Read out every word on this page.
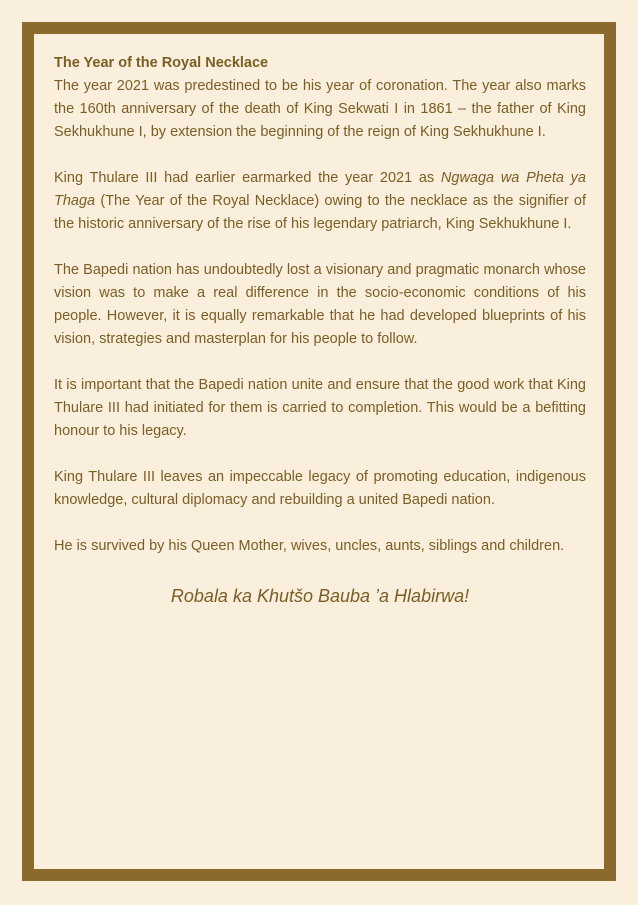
The Year of the Royal Necklace

The year 2021 was predestined to be his year of coronation. The year also marks the 160th anniversary of the death of King Sekwati I in 1861 – the father of King Sekhukhune I, by extension the beginning of the reign of King Sekhukhune I.

King Thulare III had earlier earmarked the year 2021 as Ngwaga wa Pheta ya Thaga (The Year of the Royal Necklace) owing to the necklace as the signifier of the historic anniversary of the rise of his legendary patriarch, King Sekhukhune I.

The Bapedi nation has undoubtedly lost a visionary and pragmatic monarch whose vision was to make a real difference in the socio-economic conditions of his people. However, it is equally remarkable that he had developed blueprints of his vision, strategies and masterplan for his people to follow.

It is important that the Bapedi nation unite and ensure that the good work that King Thulare III had initiated for them is carried to completion. This would be a befitting honour to his legacy.

King Thulare III leaves an impeccable legacy of promoting education, indigenous knowledge, cultural diplomacy and rebuilding a united Bapedi nation.

He is survived by his Queen Mother, wives, uncles, aunts, siblings and children.

Robala ka Khutšo Bauba ’a Hlabirwa!
